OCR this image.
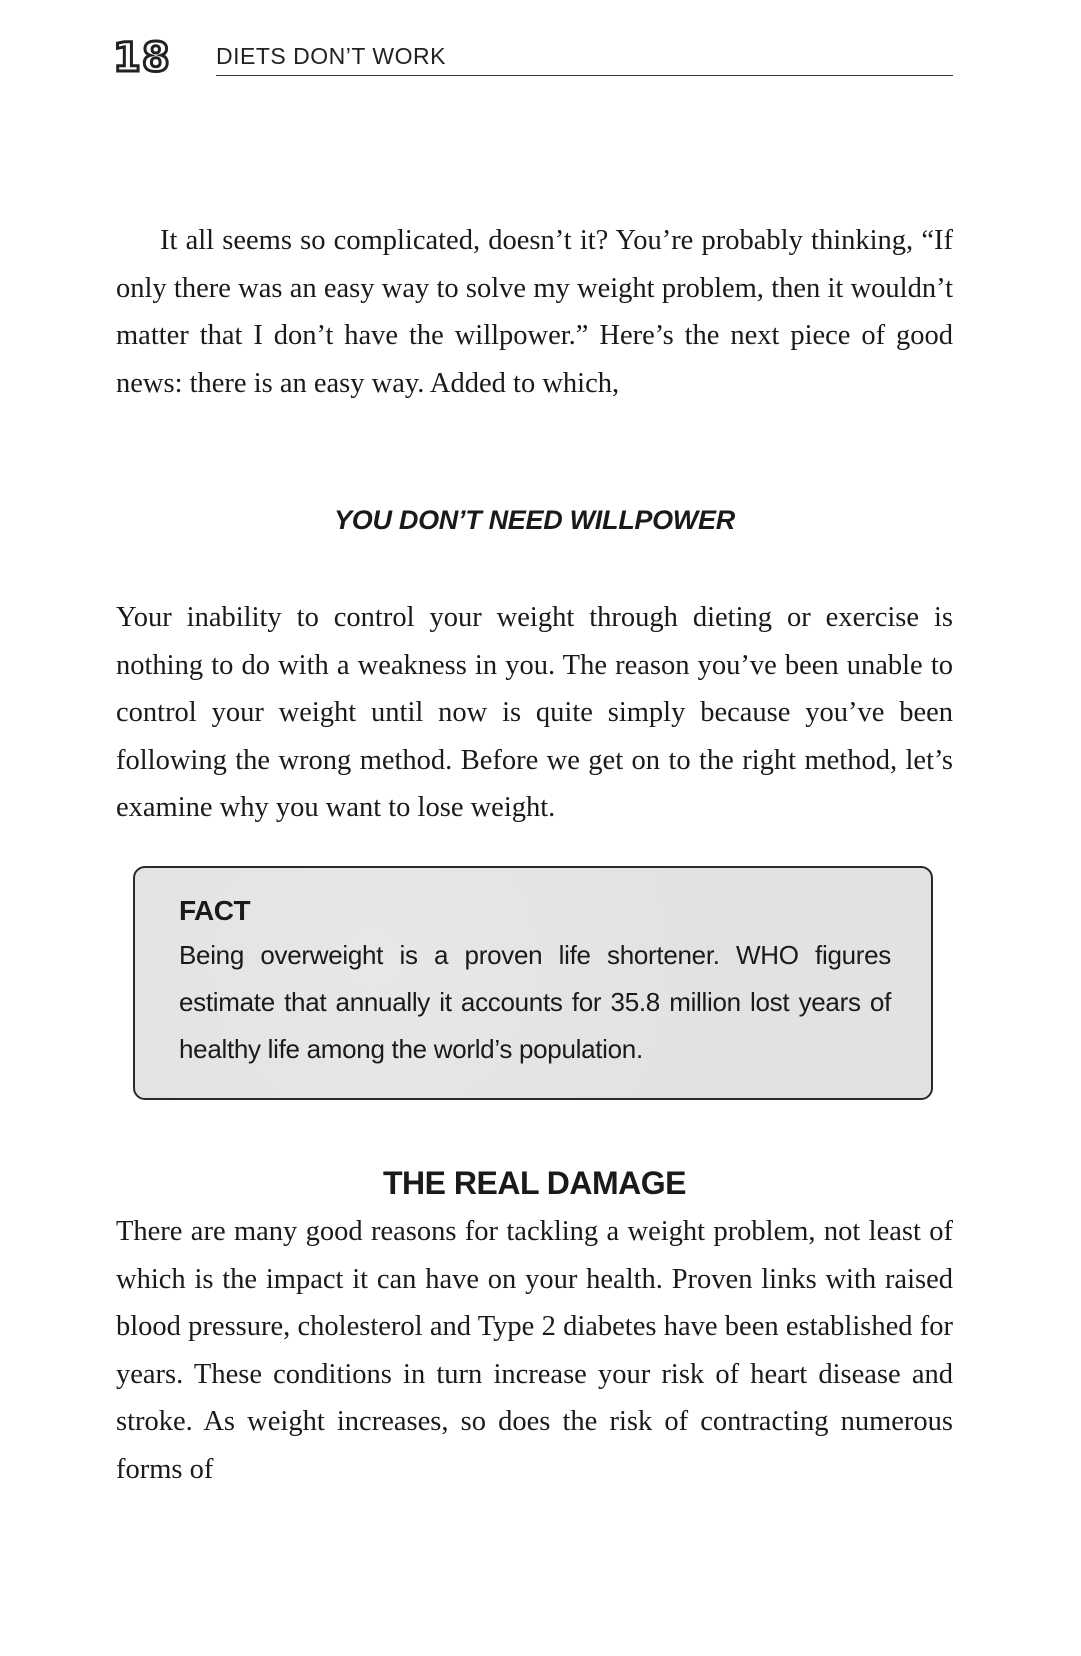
18 DIETS DON’T WORK

It all seems so complicated, doesn’t it? You’re probably thinking, “If only there was an easy way to solve my weight problem, then it wouldn’t matter that I don’t have the willpower.” Here’s the next piece of good news: there is an easy way. Added to which,

YOU DON’T NEED WILLPOWER

Your inability to control your weight through dieting or exercise is nothing to do with a weakness in you. The reason you’ve been unable to control your weight until now is quite simply because you’ve been following the wrong method. Before we get on to the right method, let’s examine why you want to lose weight.

FACT

Being overweight is a proven life shortener. WHO figures estimate that annually it accounts for 35.8 million lost years of healthy life among the world’s population.

THE REAL DAMAGE

There are many good reasons for tackling a weight problem, not least of which is the impact it can have on your health. Proven links with raised blood pressure, cholesterol and Type 2 diabetes have been established for years. These conditions in turn increase your risk of heart disease and stroke. As weight increases, so does the risk of contracting numerous forms of
